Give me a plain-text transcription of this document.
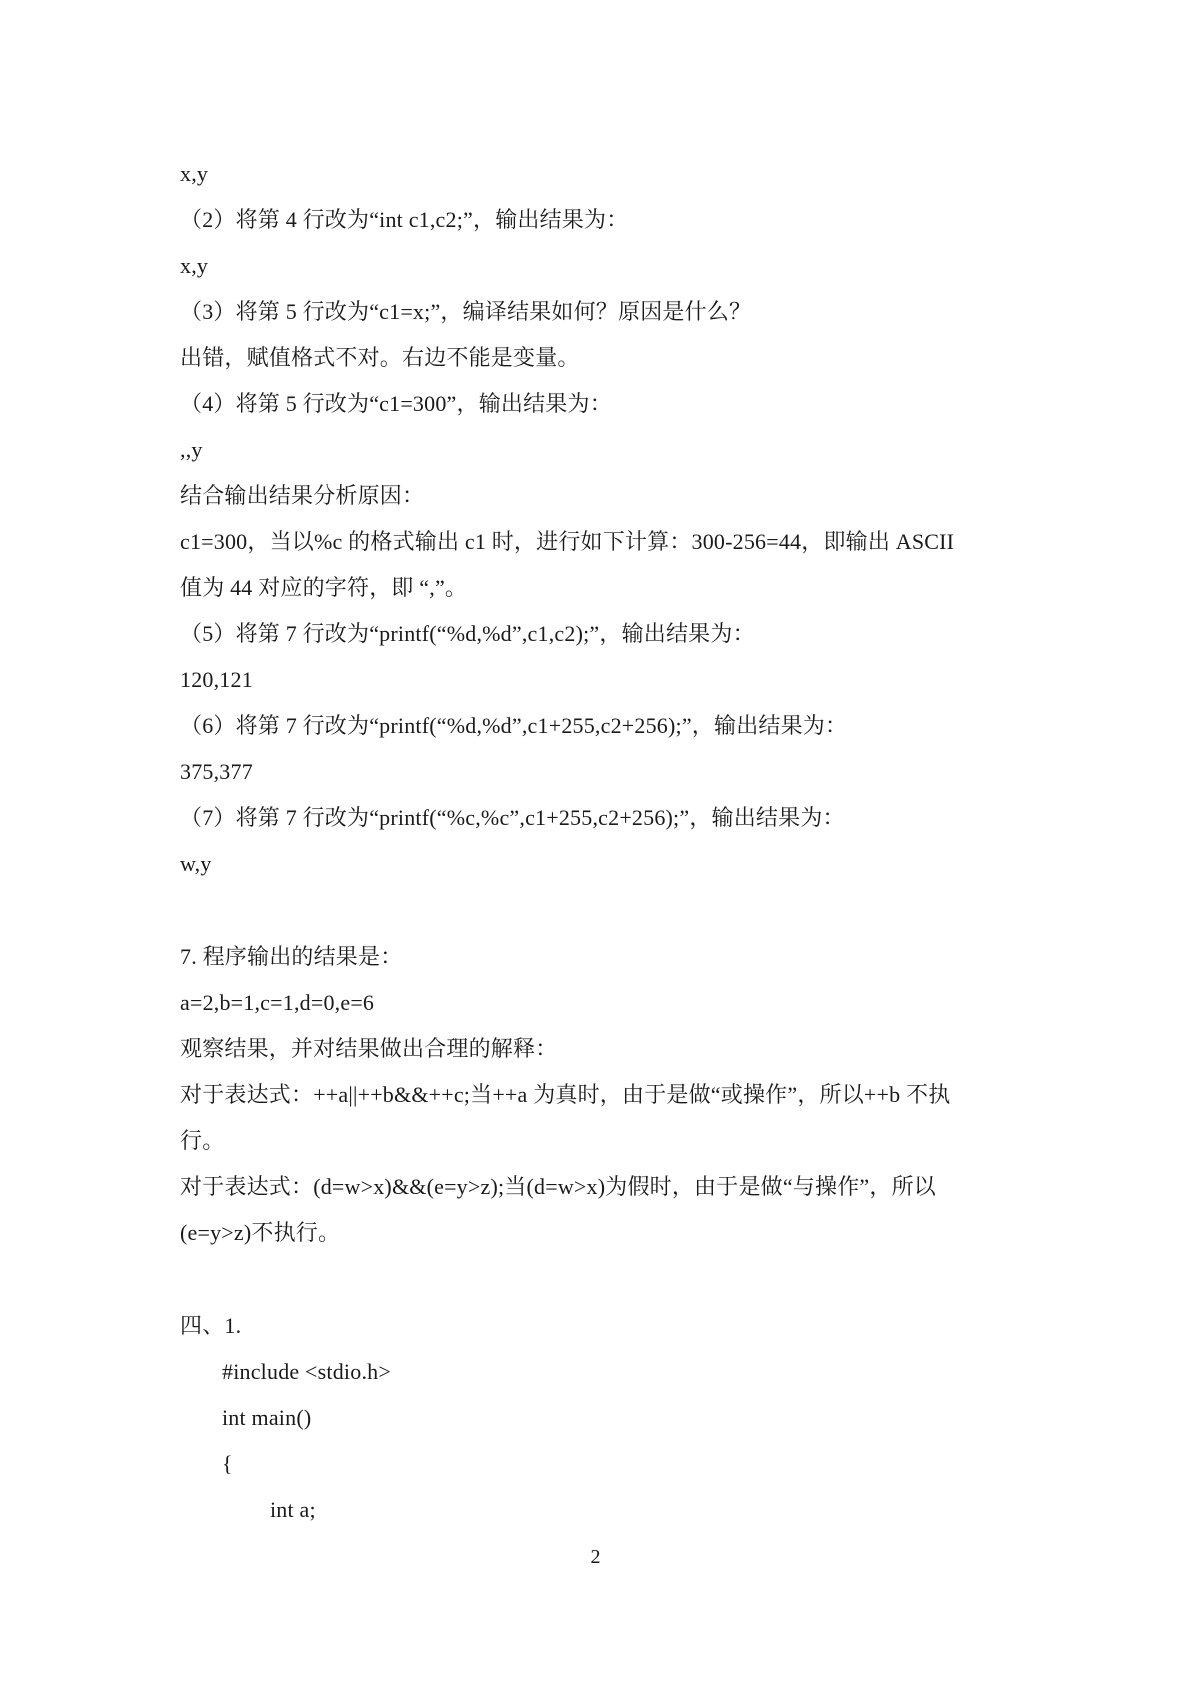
x,y
（2）将第 4 行改为“int c1,c2;”，输出结果为：
x,y
（3）将第 5 行改为“c1=x;”，编译结果如何？原因是什么？
出错，赋值格式不对。右边不能是变量。
（4）将第 5 行改为“c1=300”，输出结果为：
,,y
结合输出结果分析原因：
c1=300，当以%c 的格式输出 c1 时，进行如下计算：300-256=44，即输出 ASCII
值为 44 对应的字符，即 “,”。
（5）将第 7 行改为“printf(“%d,%d”,c1,c2);”，输出结果为：
120,121
（6）将第 7 行改为“printf(“%d,%d”,c1+255,c2+256);”，输出结果为：
375,377
（7）将第 7 行改为“printf(“%c,%c”,c1+255,c2+256);”，输出结果为：
w,y
7. 程序输出的结果是：
a=2,b=1,c=1,d=0,e=6
观察结果，并对结果做出合理的解释：
对于表达式：++a||++b&&++c;当++a 为真时，由于是做“或操作”，所以++b 不执
行。
对于表达式：(d=w>x)&&(e=y>z);当(d=w>x)为假时，由于是做“与操作”，所以
(e=y>z)不执行。
四、1.
#include <stdio.h>
int main()
{
int a;
2
